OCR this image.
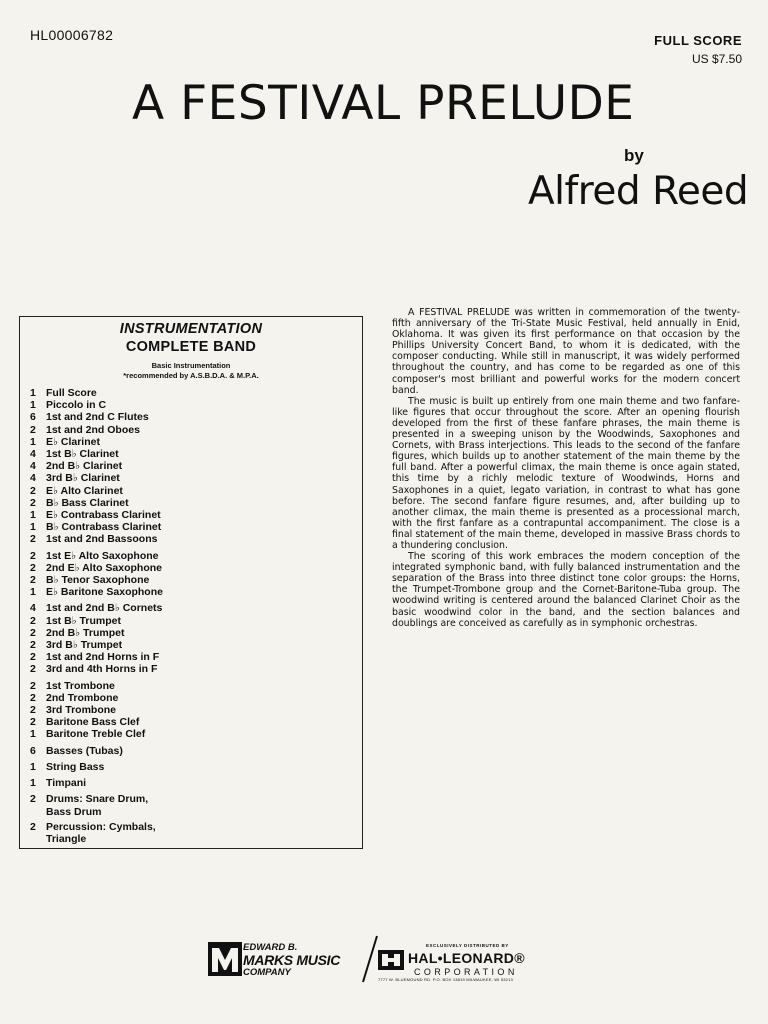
HL00006782	FULL SCORE
US $7.50
A FESTIVAL PRELUDE
by
Alfred Reed
INSTRUMENTATION
COMPLETE BAND
Basic Instrumentation
*recommended by A.S.B.D.A. & M.P.A.
1 Full Score
1 Piccolo in C
6 1st and 2nd C Flutes
2 1st and 2nd Oboes
1 E♭ Clarinet
4 1st B♭ Clarinet
4 2nd B♭ Clarinet
4 3rd B♭ Clarinet
2 E♭ Alto Clarinet
2 B♭ Bass Clarinet
1 E♭ Contrabass Clarinet
1 B♭ Contrabass Clarinet
2 1st and 2nd Bassoons
2 1st E♭ Alto Saxophone
2 2nd E♭ Alto Saxophone
2 B♭ Tenor Saxophone
1 E♭ Baritone Saxophone
4 1st and 2nd B♭ Cornets
2 1st B♭ Trumpet
2 2nd B♭ Trumpet
2 3rd B♭ Trumpet
2 1st and 2nd Horns in F
2 3rd and 4th Horns in F
2 1st Trombone
2 2nd Trombone
2 3rd Trombone
2 Baritone Bass Clef
1 Baritone Treble Clef
6 Basses (Tubas)
1 String Bass
1 Timpani
2 Drums: Snare Drum,
Bass Drum
2 Percussion: Cymbals,
Triangle

A FESTIVAL PRELUDE was written in commemoration of the twenty-fifth anniversary of the Tri-State Music Festival, held annually in Enid, Oklahoma. It was given its first performance on that occasion by the Phillips University Concert Band, to whom it is dedicated, with the composer conducting. While still in manuscript, it was widely performed throughout the country, and has come to be regarded as one of this composer's most brilliant and powerful works for the modern concert band.

The music is built up entirely from one main theme and two fanfare-like figures that occur throughout the score. After an opening flourish developed from the first of these fanfare phrases, the main theme is presented in a sweeping unison by the Woodwinds, Saxophones and Cornets, with Brass interjections. This leads to the second of the fanfare figures, which builds up to another statement of the main theme by the full band. After a powerful climax, the main theme is once again stated, this time by a richly melodic texture of Woodwinds, Horns and Saxophones in a quiet, legato variation, in contrast to what has gone before. The second fanfare figure resumes, and, after building up to another climax, the main theme is presented as a processional march, with the first fanfare as a contrapuntal accompaniment. The close is a final statement of the main theme, developed in massive Brass chords to a thundering conclusion.

The scoring of this work embraces the modern conception of the integrated symphonic band, with fully balanced instrumentation and the separation of the Brass into three distinct tone color groups: the Horns, the Trumpet-Trombone group and the Cornet-Baritone-Tuba group. The woodwind writing is centered around the balanced Clarinet Choir as the basic woodwind color in the band, and the section balances and doublings are conceived as carefully as in symphonic orchestras.

EDWARD B.
MARKS MUSIC
COMPANY
EXCLUSIVELY DISTRIBUTED BY
HAL•LEONARD®
CORPORATION
7777 W. BLUEMOUND RD. P.O. BOX 13819 MILWAUKEE, WI 53213
